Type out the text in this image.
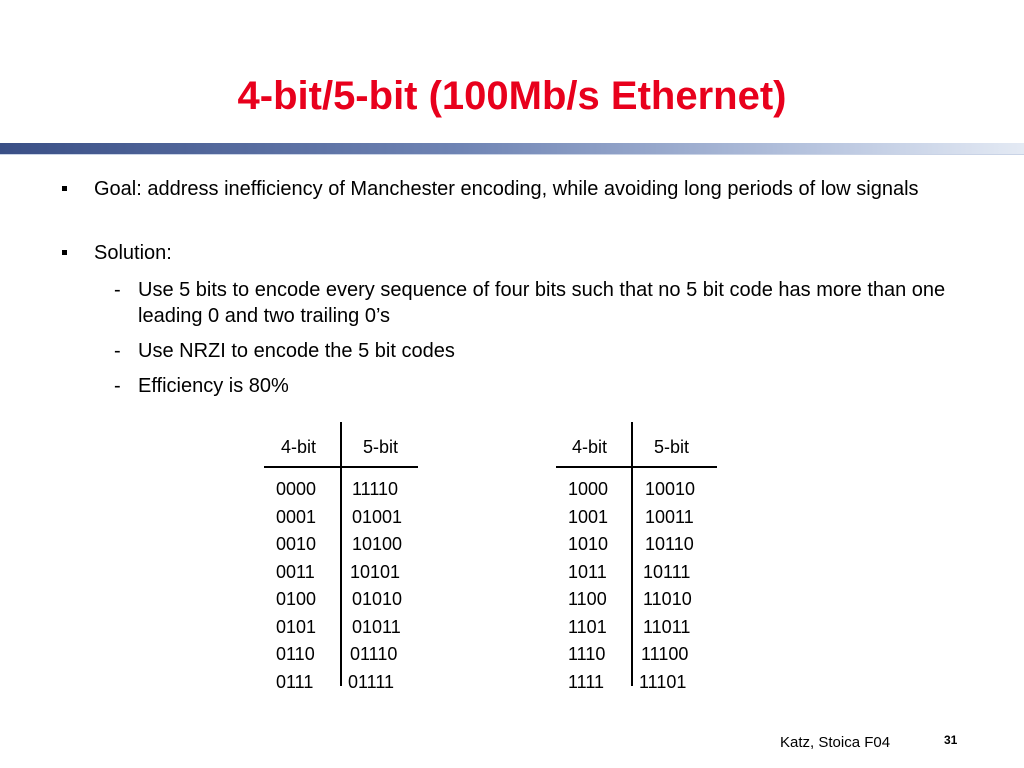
4-bit/5-bit (100Mb/s Ethernet)
Goal: address inefficiency of Manchester encoding, while avoiding long periods of low signals
Solution:
- Use 5 bits to encode every sequence of four bits such that no 5 bit code has more than one leading 0 and two trailing 0’s
- Use NRZI to encode the 5 bit codes
- Efficiency is 80%
4-bit	5-bit
0000 11110
0001 01001
0010 10100
0011 10101
0100 01010
0101 01011
0110 01110
0111 01111
4-bit	5-bit
1000 10010
1001 10011
1010 10110
1011 10111
1100 11010
1101 11011
1110 11100
1111 11101
Katz, Stoica F04	31
